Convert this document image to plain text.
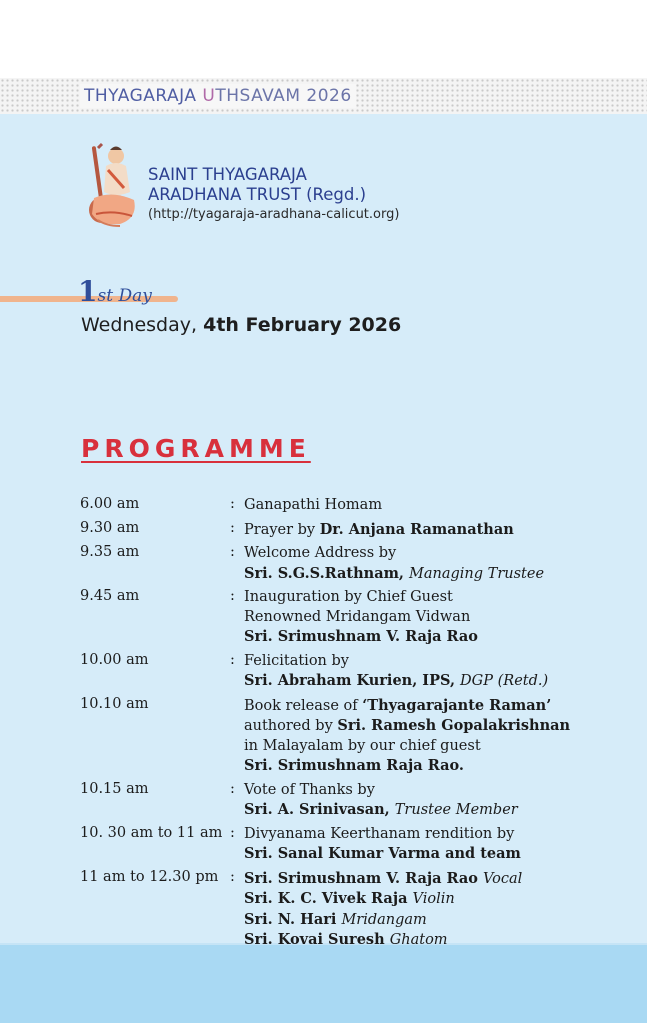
THYAGARAJA UTHSAVAM 2026
SAINT THYAGARAJA
ARADHANA TRUST (Regd.)
(http://tyagaraja-aradhana-calicut.org)
1st Day
Wednesday, 4th February 2026
PROGRAMME
6.00 am	: Ganapathi Homam
9.30 am	: Prayer by Dr. Anjana Ramanathan
9.35 am	: Welcome Address by
Sri. S.G.S.Rathnam, Managing Trustee
9.45 am	: Inauguration by Chief Guest
Renowned Mridangam Vidwan
Sri. Srimushnam V. Raja Rao
10.00 am	: Felicitation by
Sri. Abraham Kurien, IPS, DGP (Retd.)
10.10 am	Book release of ‘Thyagarajante Raman’
authored by Sri. Ramesh Gopalakrishnan
in Malayalam by our chief guest
Sri. Srimushnam Raja Rao.
10.15 am	: Vote of Thanks by
Sri. A. Srinivasan, Trustee Member
10. 30 am to 11 am : Divyanama Keerthanam rendition by
Sri. Sanal Kumar Varma and team
11 am to 12.30 pm : Sri. Srimushnam V. Raja Rao Vocal
Sri. K. C. Vivek Raja Violin
Sri. N. Hari Mridangam
Sri. Kovai Suresh Ghatom
